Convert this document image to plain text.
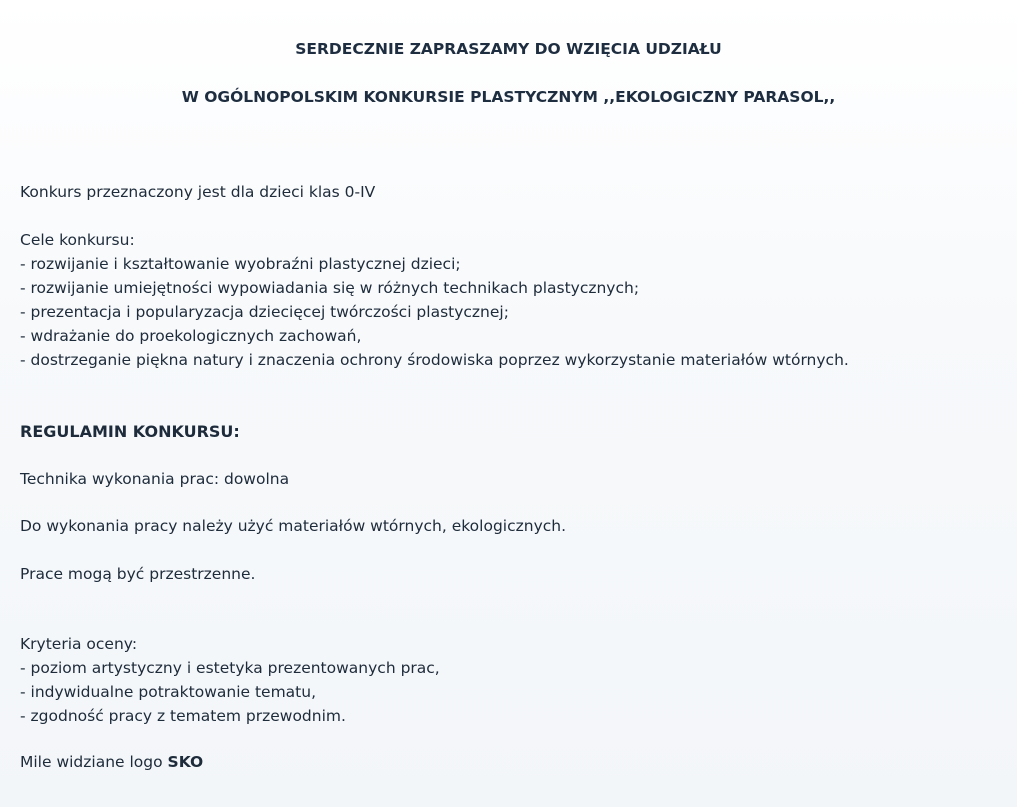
SERDECZNIE ZAPRASZAMY DO WZIĘCIA UDZIAŁU
W OGÓLNOPOLSKIM KONKURSIE PLASTYCZNYM ,,EKOLOGICZNY PARASOL,,
Konkurs przeznaczony jest dla dzieci klas 0-IV
Cele konkursu:
- rozwijanie i kształtowanie wyobraźni plastycznej dzieci;
- rozwijanie umiejętności wypowiadania się w różnych technikach plastycznych;
- prezentacja i popularyzacja dziecięcej twórczości plastycznej;
- wdrażanie do proekologicznych zachowań,
- dostrzeganie piękna natury i znaczenia ochrony środowiska poprzez wykorzystanie materiałów wtórnych.
REGULAMIN KONKURSU:
Technika wykonania prac: dowolna
Do wykonania pracy należy użyć materiałów wtórnych, ekologicznych.
Prace mogą być przestrzenne.
Kryteria oceny:
- poziom artystyczny i estetyka prezentowanych prac,
- indywidualne potraktowanie tematu,
- zgodność pracy z tematem przewodnim.
Mile widziane logo SKO
